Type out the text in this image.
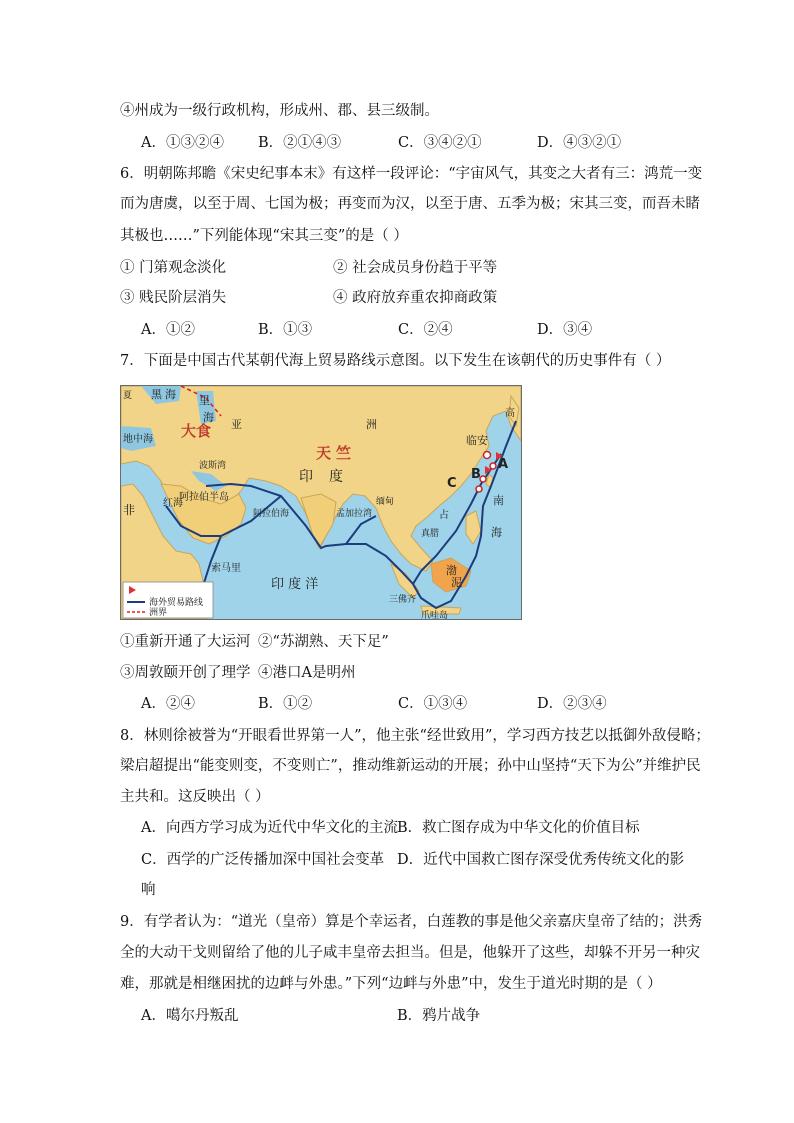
④州成为一级行政机构，形成州、郡、县三级制。
A．①③②④ B．②①④③	C．③④②①	D．④③②①
6．明朝陈邦瞻《宋史纪事本末》有这样一段评论：“宇宙风气，其变之大者有三：鸿荒一变
而为唐虞，以至于周、七国为极；再变而为汉，以至于唐、五季为极；宋其三变，而吾未睹
其极也……”下列能体现“宋其三变”的是（ ）
① 门第观念淡化	② 社会成员身份趋于平等
③ 贱民阶层消失	④ 政府放弃重农抑商政策
A．①②	B．①③	C．②④	D．③④
7．下面是中国古代某朝代海上贸易路线示意图。以下发生在该朝代的历史事件有（ ）
黑 海 里
海
地中海
红海
非
索马里
波斯湾
阿拉伯半岛
阿拉伯海	孟加拉湾
缅甸
印 度 洋
亚	洲
临安
A
B
C
占
真腊
南
海
渤
泥
三佛齐
爪哇岛
高
夏
大食
天 竺
印 度
海外贸易路线
洲界
①重新开通了大运河 ②“苏湖熟、天下足”
③周敦颐开创了理学 ④港口A是明州
A．②④	B．①②	C．①③④	D．②③④
8．林则徐被誉为“开眼看世界第一人”，他主张“经世致用”，学习西方技艺以抵御外敌侵略；
梁启超提出“能变则变，不变则亡”，推动维新运动的开展；孙中山坚持“天下为公”并维护民
主共和。这反映出（ ）
A．向西方学习成为近代中华文化的主流 B．救亡图存成为中华文化的价值目标
C．西学的广泛传播加深中国社会变革 D．近代中国救亡图存深受优秀传统文化的影
响
9．有学者认为：“道光（皇帝）算是个幸运者，白莲教的事是他父亲嘉庆皇帝了结的；洪秀
全的大动干戈则留给了他的儿子咸丰皇帝去担当。但是，他躲开了这些，却躲不开另一种灾
难，那就是相继困扰的边衅与外患。”下列“边衅与外患”中，发生于道光时期的是（ ）
A．噶尔丹叛乱	B．鸦片战争
